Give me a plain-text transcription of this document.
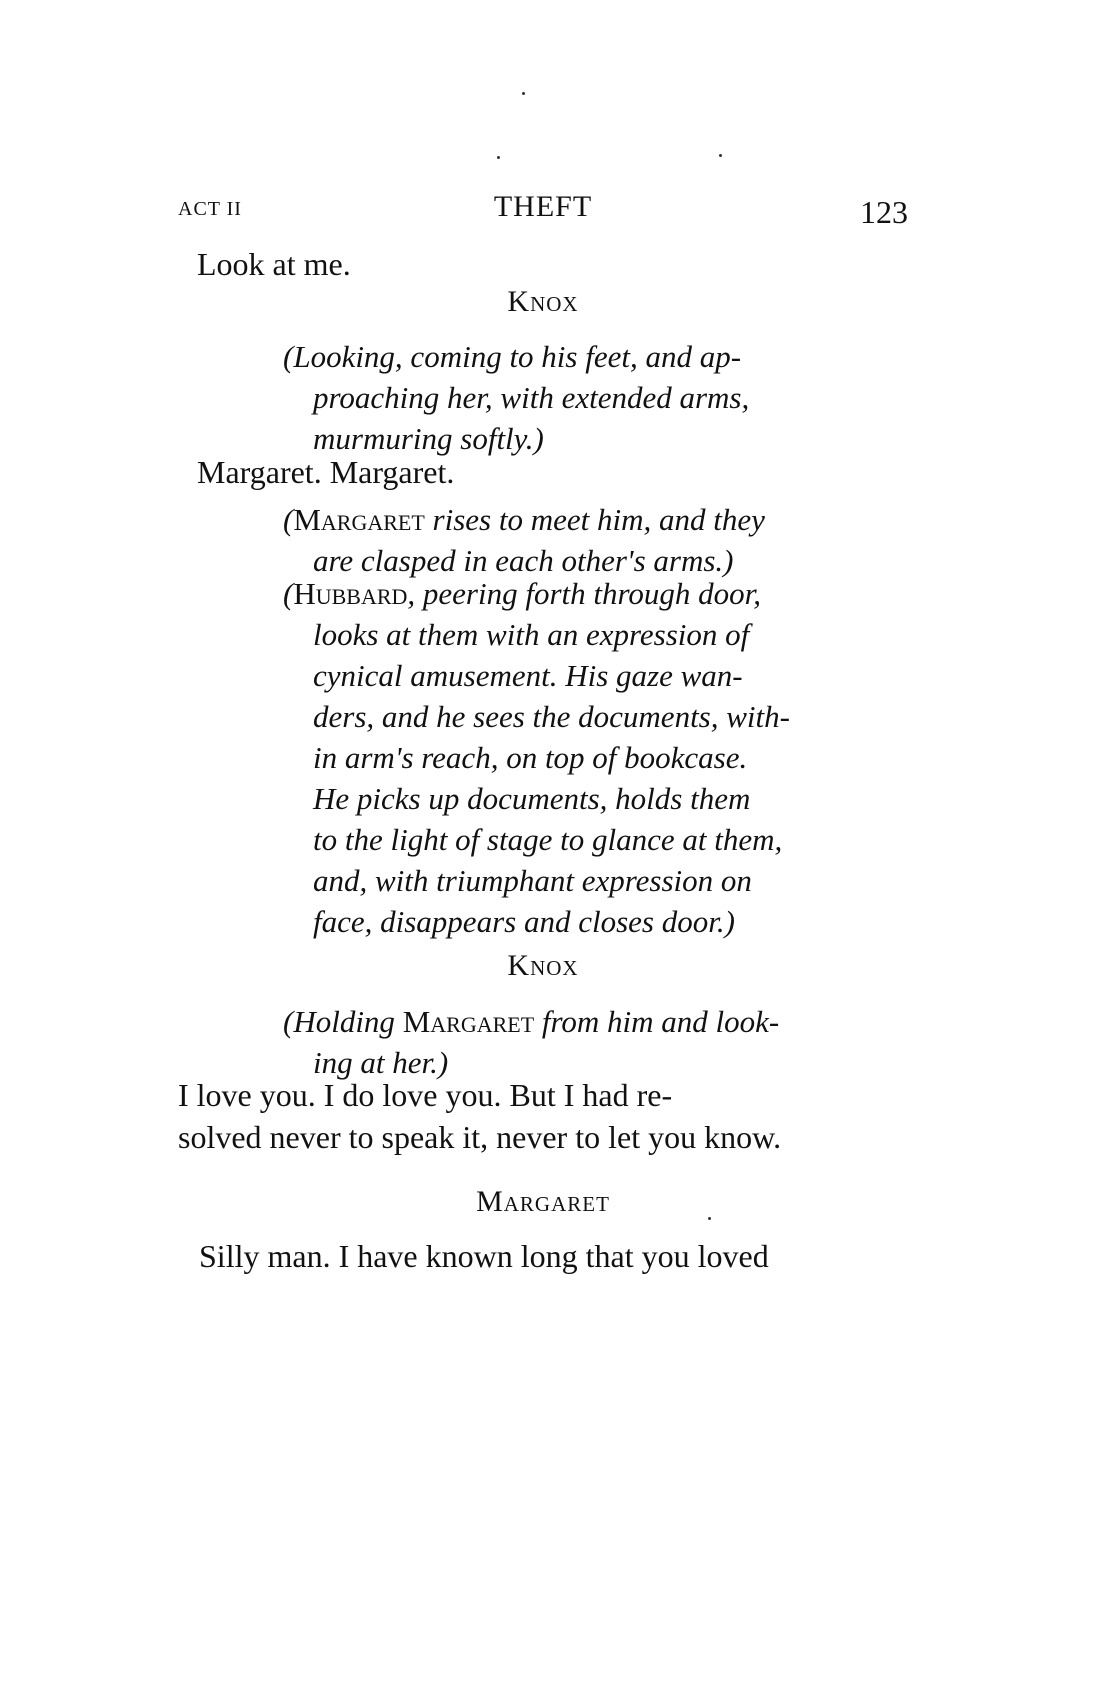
ACT II	THEFT	123
Look at me.
Knox

(Looking, coming to his feet, and ap-
proaching her, with extended arms,
murmuring softly.)

Margaret. Margaret.

(Margaret rises to meet him, and they
are clasped in each other's arms.)

(Hubbard, peering forth through door,
looks at them with an expression of
cynical amusement. His gaze wan-
ders, and he sees the documents, with-
in arm's reach, on top of bookcase.
He picks up documents, holds them
to the light of stage to glance at them,
and, with triumphant expression on
face, disappears and closes door.)

Knox

(Holding Margaret from him and look-
ing at her.)

I love you. I do love you. But I had re-
solved never to speak it, never to let you know.

Margaret
Silly man. I have known long that you loved
